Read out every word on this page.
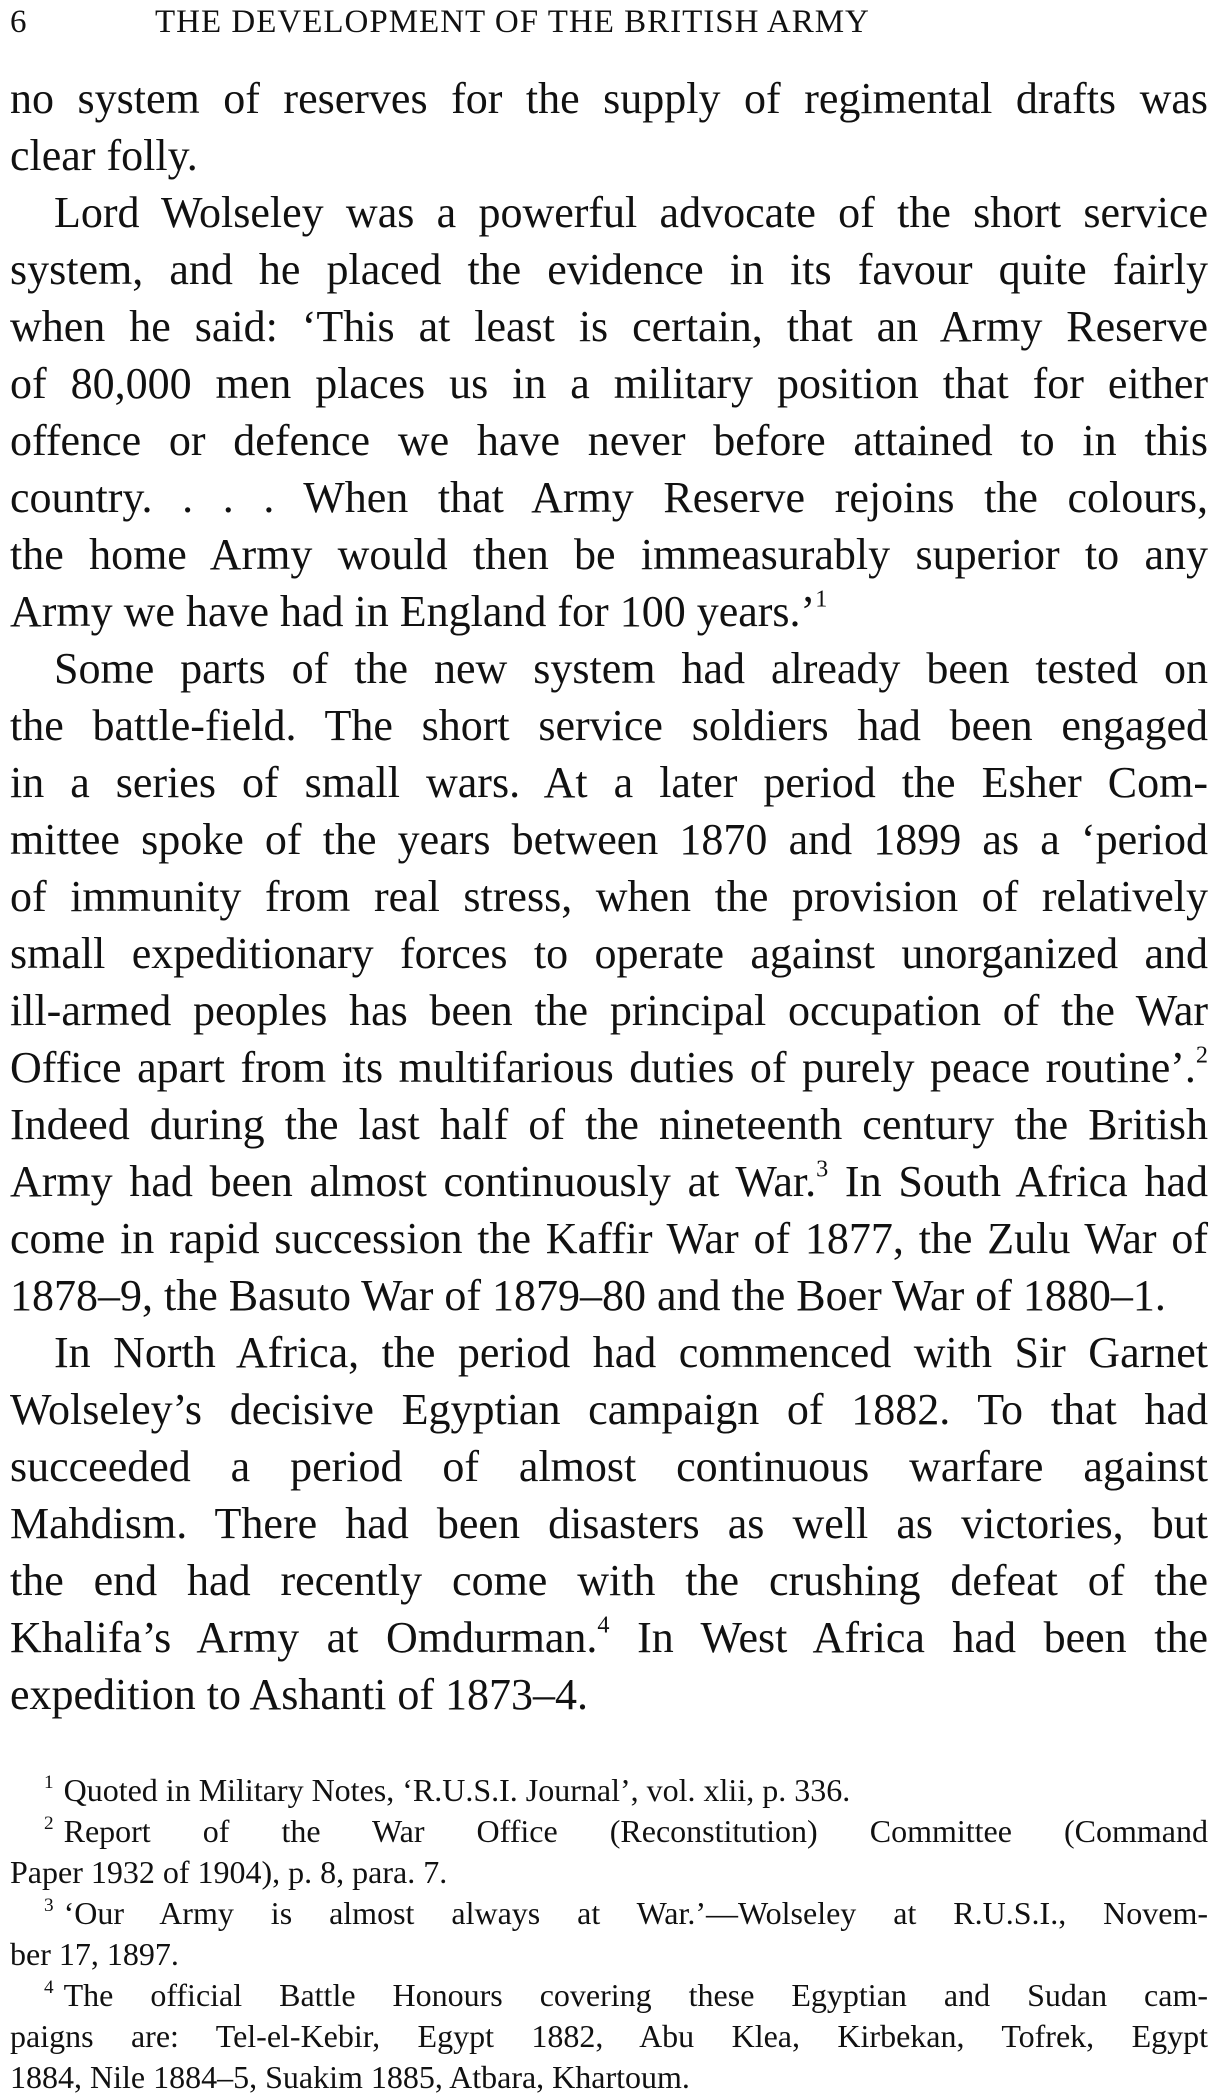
6	THE DEVELOPMENT OF THE BRITISH ARMY
no system of reserves for the supply of regimental drafts was
clear folly.
Lord Wolseley was a powerful advocate of the short service
system, and he placed the evidence in its favour quite fairly
when he said: ‘This at least is certain, that an Army Reserve
of 80,000 men places us in a military position that for either
offence or defence we have never before attained to in this
country. . . . When that Army Reserve rejoins the colours,
the home Army would then be immeasurably superior to any
Army we have had in England for 100 years.’$^1$
Some parts of the new system had already been tested on
the battle-field. The short service soldiers had been engaged
in a series of small wars. At a later period the Esher Com-
mittee spoke of the years between 1870 and 1899 as a ‘period
of immunity from real stress, when the provision of relatively
small expeditionary forces to operate against unorganized and
ill-armed peoples has been the principal occupation of the War
Office apart from its multifarious duties of purely peace routine’.$^2$
Indeed during the last half of the nineteenth century the British
Army had been almost continuously at War.$^3$ In South Africa had
come in rapid succession the Kaffir War of 1877, the Zulu War of
1878–9, the Basuto War of 1879–80 and the Boer War of 1880–1.
In North Africa, the period had commenced with Sir Garnet
Wolseley’s decisive Egyptian campaign of 1882. To that had
succeeded a period of almost continuous warfare against
Mahdism. There had been disasters as well as victories, but
the end had recently come with the crushing defeat of the
Khalifa’s Army at Omdurman.$^4$ In West Africa had been the
expedition to Ashanti of 1873–4.
$^1$ Quoted in Military Notes, ‘R.U.S.I. Journal’, vol. xlii, p. 336.
$^2$ Report of the War Office (Reconstitution) Committee (Command
Paper 1932 of 1904), p. 8, para. 7.
$^3$ ‘Our Army is almost always at War.’—Wolseley at R.U.S.I., Novem-
ber 17, 1897.
$^4$ The official Battle Honours covering these Egyptian and Sudan cam-
paigns are: Tel-el-Kebir, Egypt 1882, Abu Klea, Kirbekan, Tofrek, Egypt
1884, Nile 1884–5, Suakim 1885, Atbara, Khartoum.
